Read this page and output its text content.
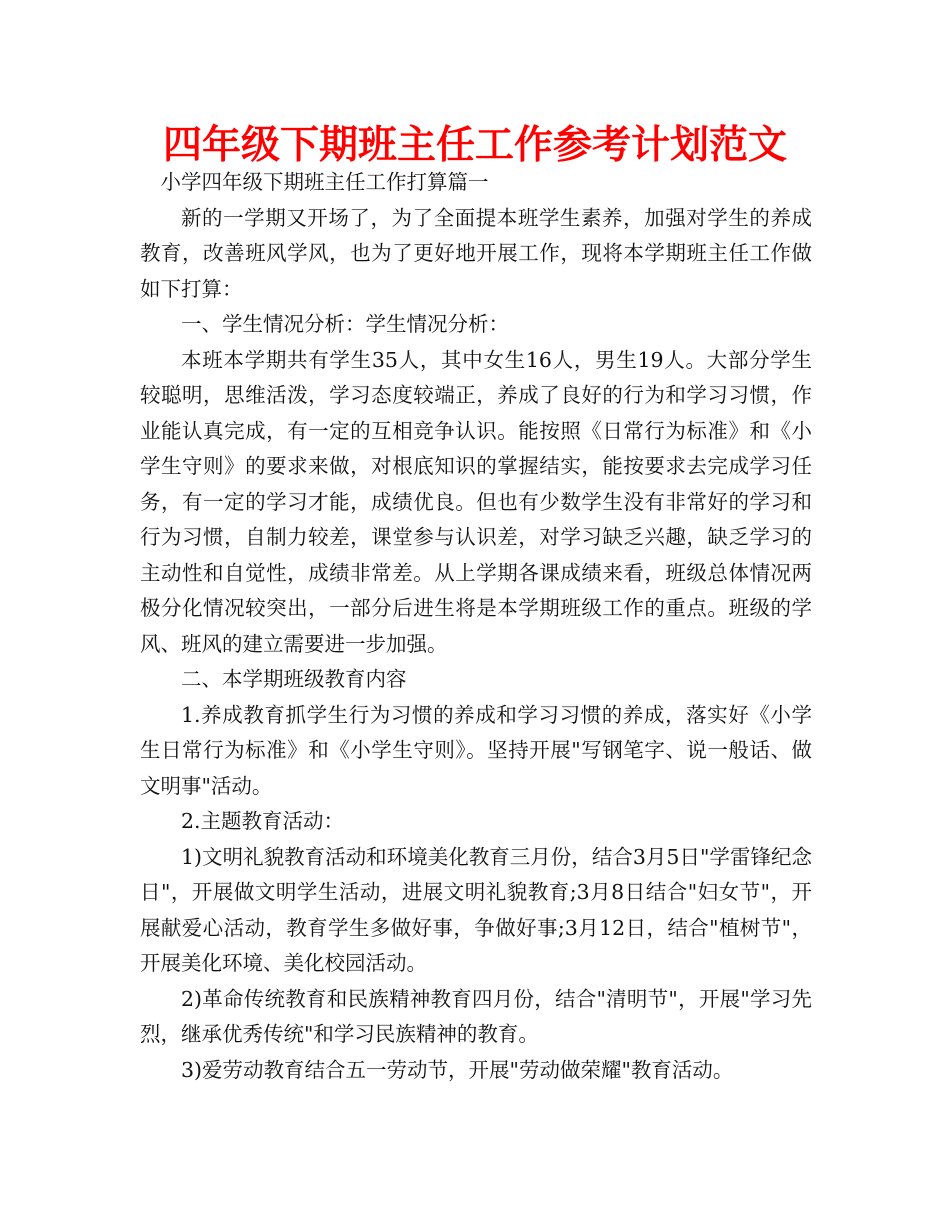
四年级下期班主任工作参考计划范文

小学四年级下期班主任工作打算篇一

新的一学期又开场了，为了全面提本班学生素养，加强对学生的养成教育，改善班风学风，也为了更好地开展工作，现将本学期班主任工作做如下打算：

一、学生情况分析：学生情况分析：

本班本学期共有学生35人，其中女生16人，男生19人。大部分学生较聪明，思维活泼，学习态度较端正，养成了良好的行为和学习习惯，作业能认真完成，有一定的互相竞争认识。能按照《日常行为标准》和《小学生守则》的要求来做，对根底知识的掌握结实，能按要求去完成学习任务，有一定的学习才能，成绩优良。但也有少数学生没有非常好的学习和行为习惯，自制力较差，课堂参与认识差，对学习缺乏兴趣，缺乏学习的主动性和自觉性，成绩非常差。从上学期各课成绩来看，班级总体情况两极分化情况较突出，一部分后进生将是本学期班级工作的重点。班级的学风、班风的建立需要进一步加强。

二、本学期班级教育内容

1.养成教育抓学生行为习惯的养成和学习习惯的养成，落实好《小学生日常行为标准》和《小学生守则》。坚持开展"写钢笔字、说一般话、做文明事"活动。

2.主题教育活动：

1)文明礼貌教育活动和环境美化教育三月份，结合3月5日"学雷锋纪念日"，开展做文明学生活动，进展文明礼貌教育;3月8日结合"妇女节"，开展献爱心活动，教育学生多做好事，争做好事;3月12日，结合"植树节"，开展美化环境、美化校园活动。

2)革命传统教育和民族精神教育四月份，结合"清明节"，开展"学习先烈，继承优秀传统"和学习民族精神的教育。

3)爱劳动教育结合五一劳动节，开展"劳动做荣耀"教育活动。
